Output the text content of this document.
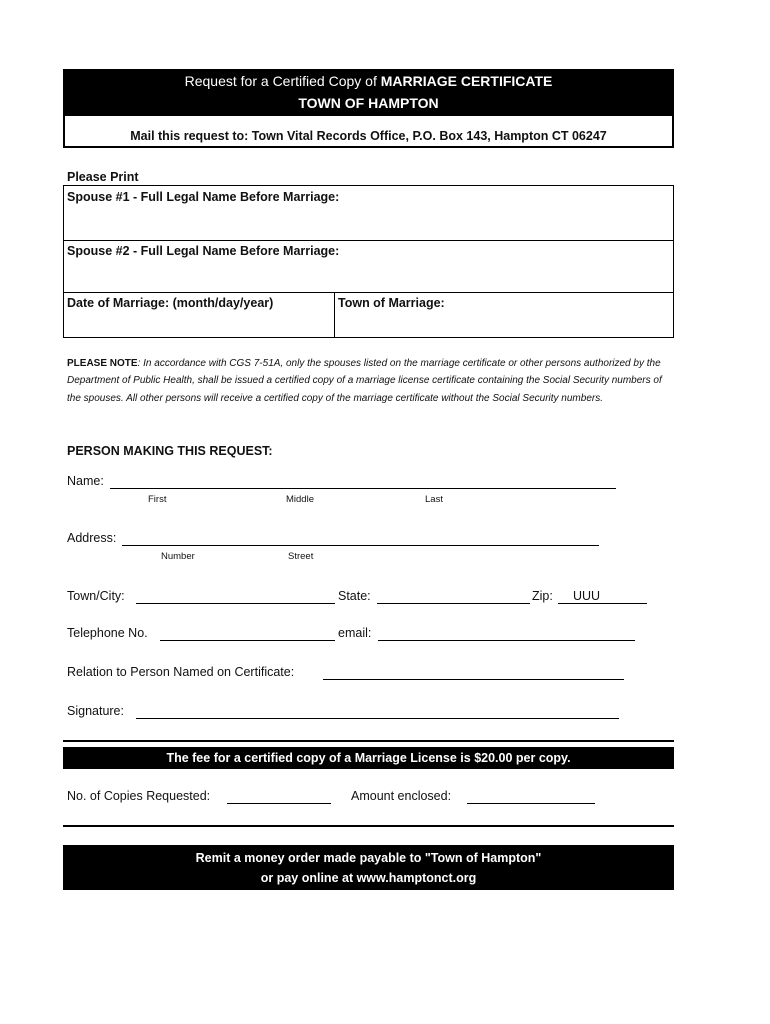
Request for a Certified Copy of MARRIAGE CERTIFICATE
TOWN OF HAMPTON
Mail this request to: Town Vital Records Office, P.O. Box 143, Hampton CT 06247
Please Print
Spouse #1 - Full Legal Name Before Marriage:
Spouse #2 - Full Legal Name Before Marriage:
Date of Marriage: (month/day/year)	Town of Marriage:
PLEASE NOTE: In accordance with CGS 7-51A, only the spouses listed on the marriage certificate or other persons authorized by the Department of Public Health, shall be issued a certified copy of a marriage license certificate containing the Social Security numbers of the spouses. All other persons will receive a certified copy of the marriage certificate without the Social Security numbers.
PERSON MAKING THIS REQUEST:
Name:
First	Middle	Last
Address:
Number	Street
Town/City:	State:	Zip: UUU
Telephone No.	email:
Relation to Person Named on Certificate:
Signature:
The fee for a certified copy of a Marriage License is $20.00 per copy.
No. of Copies Requested:	Amount enclosed:
Remit a money order made payable to "Town of Hampton"
or pay online at www.hamptonct.org
